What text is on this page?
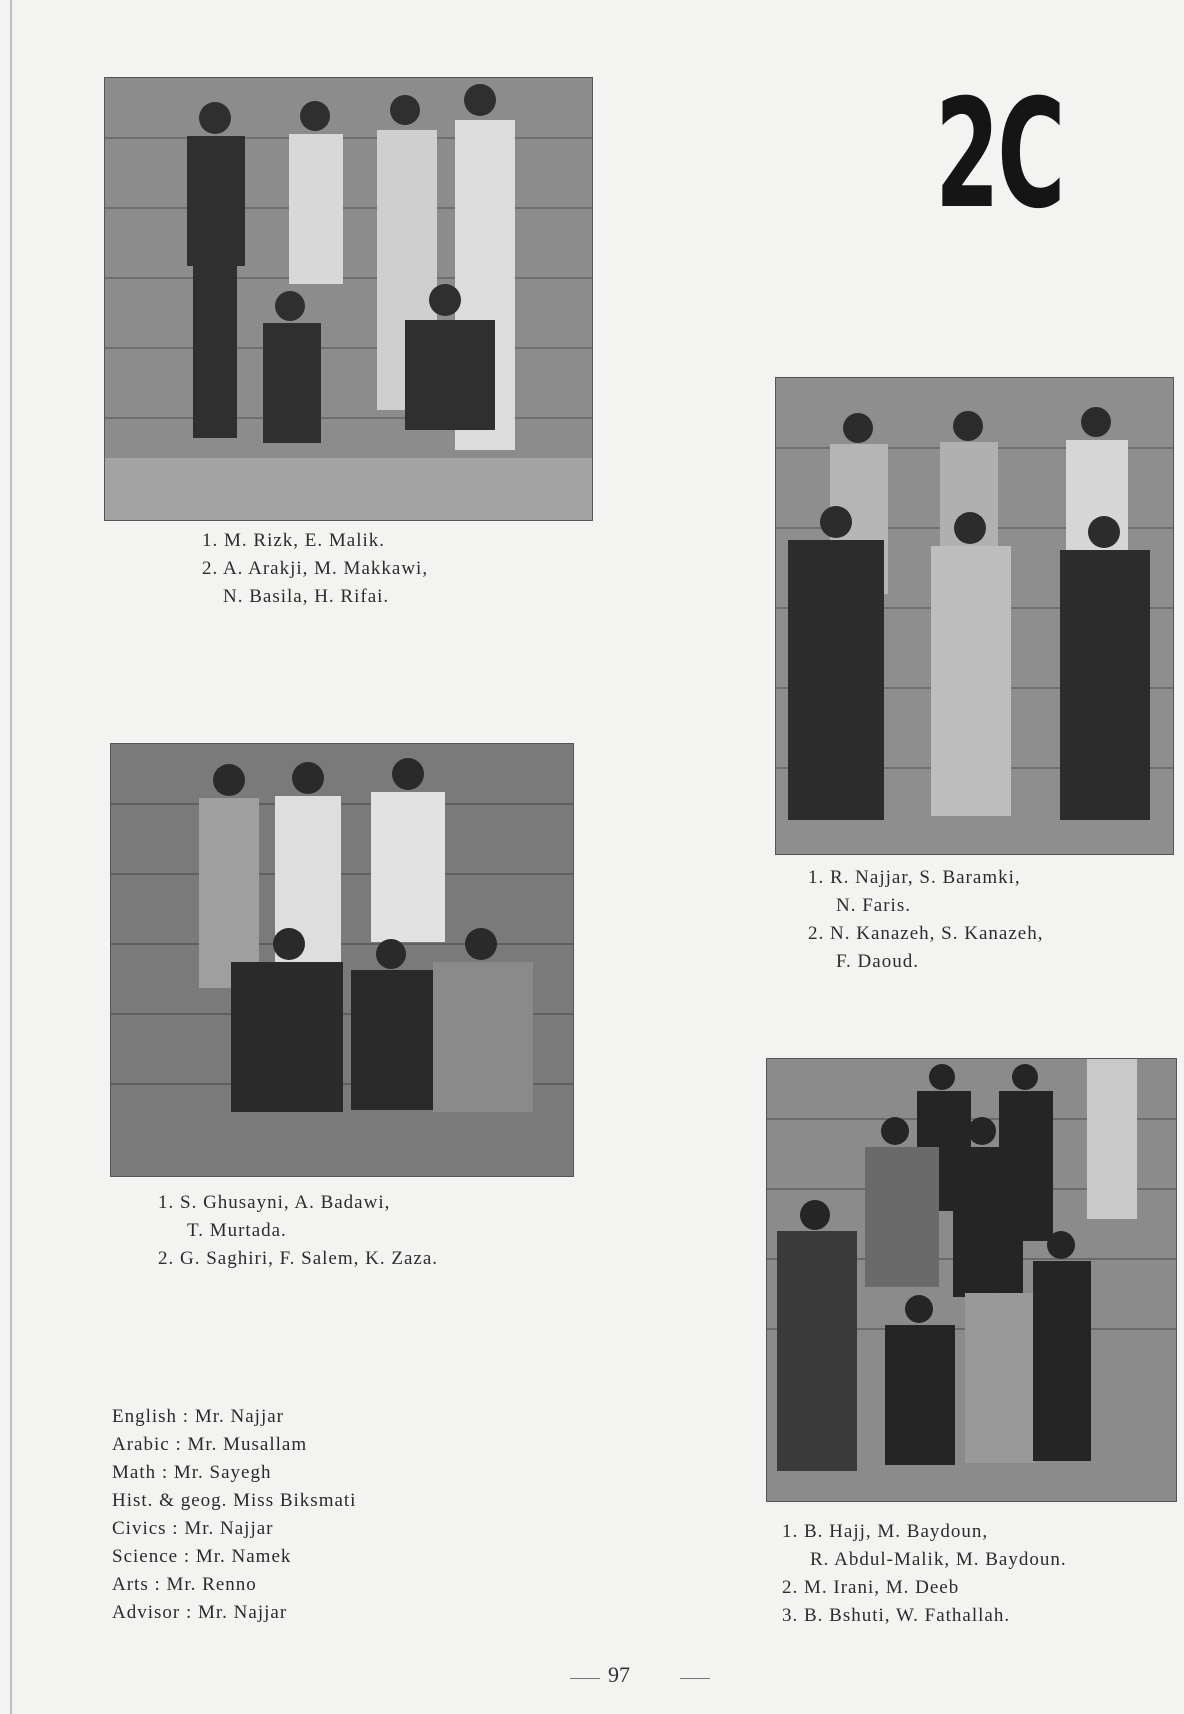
2C
1. M. Rizk, E. Malik.
2. A. Arakji, M. Makkawi,
N. Basila, H. Rifai.
1. R. Najjar, S. Baramki,
N. Faris.
2. N. Kanazeh, S. Kanazeh,
F. Daoud.
1. S. Ghusayni, A. Badawi,
T. Murtada.
2. G. Saghiri, F. Salem, K. Zaza.
1. B. Hajj, M. Baydoun,
R. Abdul-Malik, M. Baydoun.
2. M. Irani, M. Deeb
3. B. Bshuti, W. Fathallah.
English : Mr. Najjar
Arabic : Mr. Musallam
Math : Mr. Sayegh
Hist. & geog. Miss Biksmati
Civics : Mr. Najjar
Science : Mr. Namek
Arts : Mr. Renno
Advisor : Mr. Najjar
97
